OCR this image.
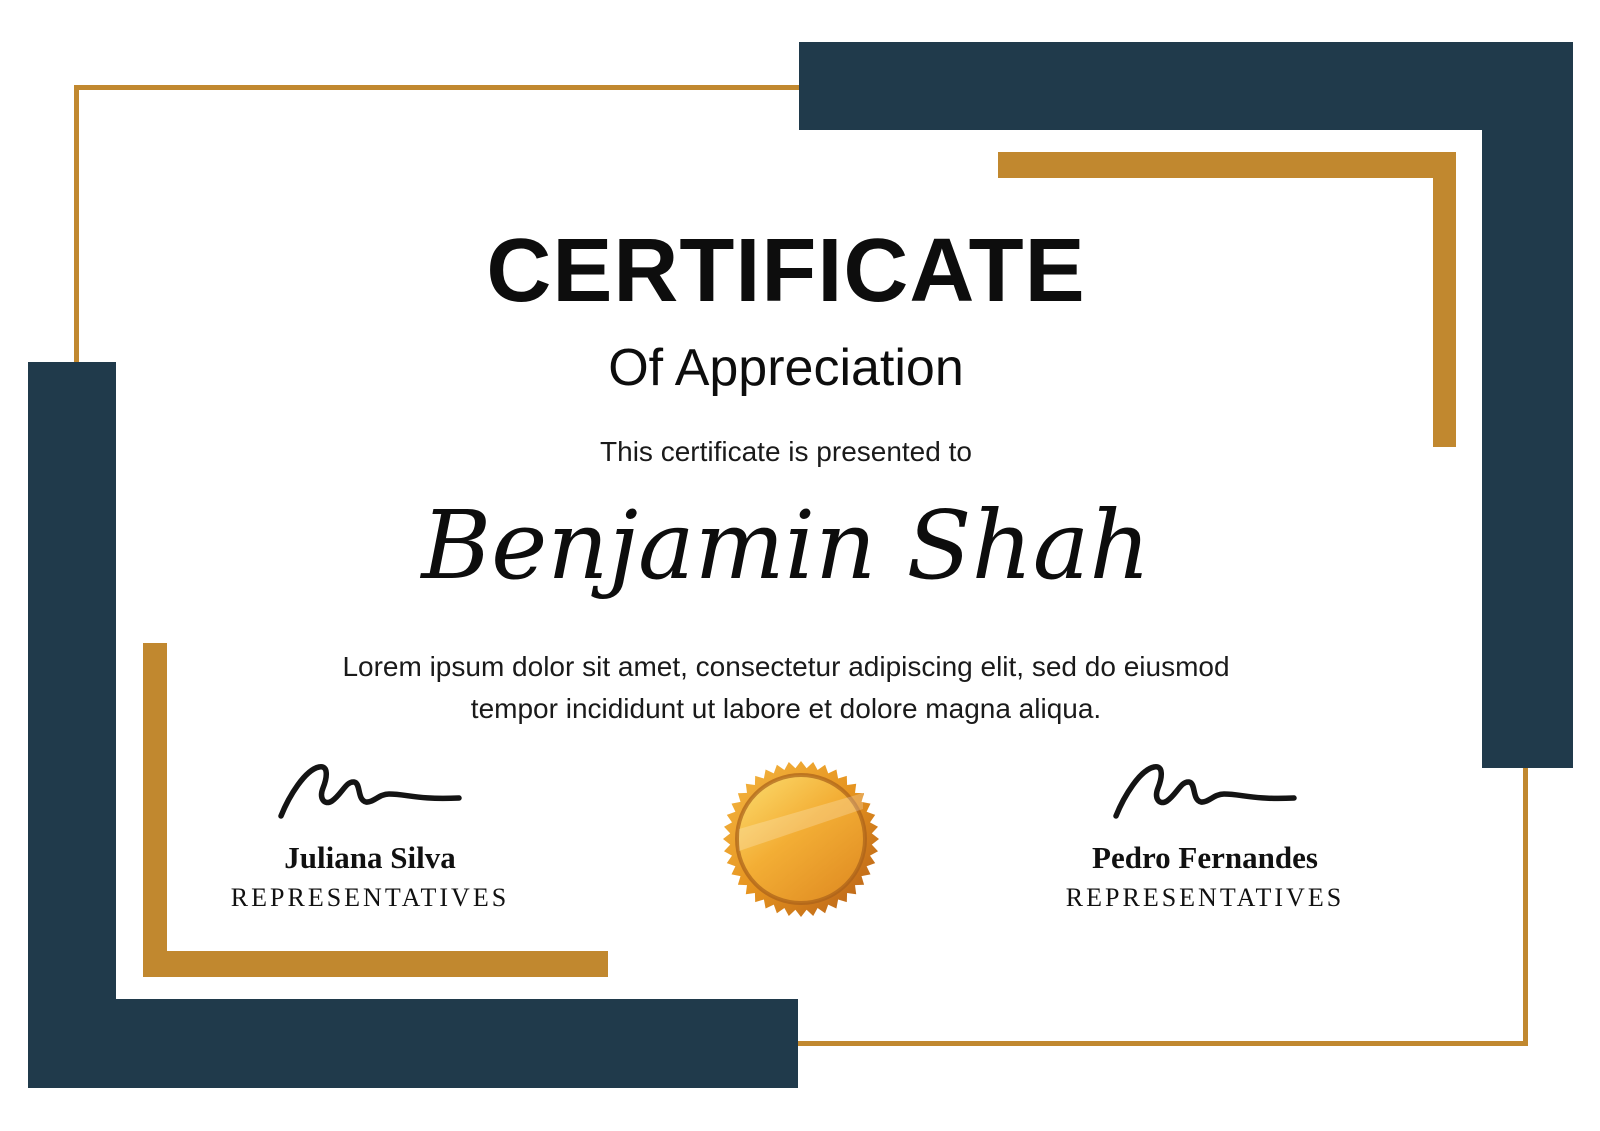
CERTIFICATE
Of Appreciation
This certificate is presented to
Benjamin Shah
Lorem ipsum dolor sit amet, consectetur adipiscing elit, sed do eiusmod
tempor incididunt ut labore et dolore magna aliqua.
Juliana Silva
REPRESENTATIVES
Pedro Fernandes
REPRESENTATIVES
